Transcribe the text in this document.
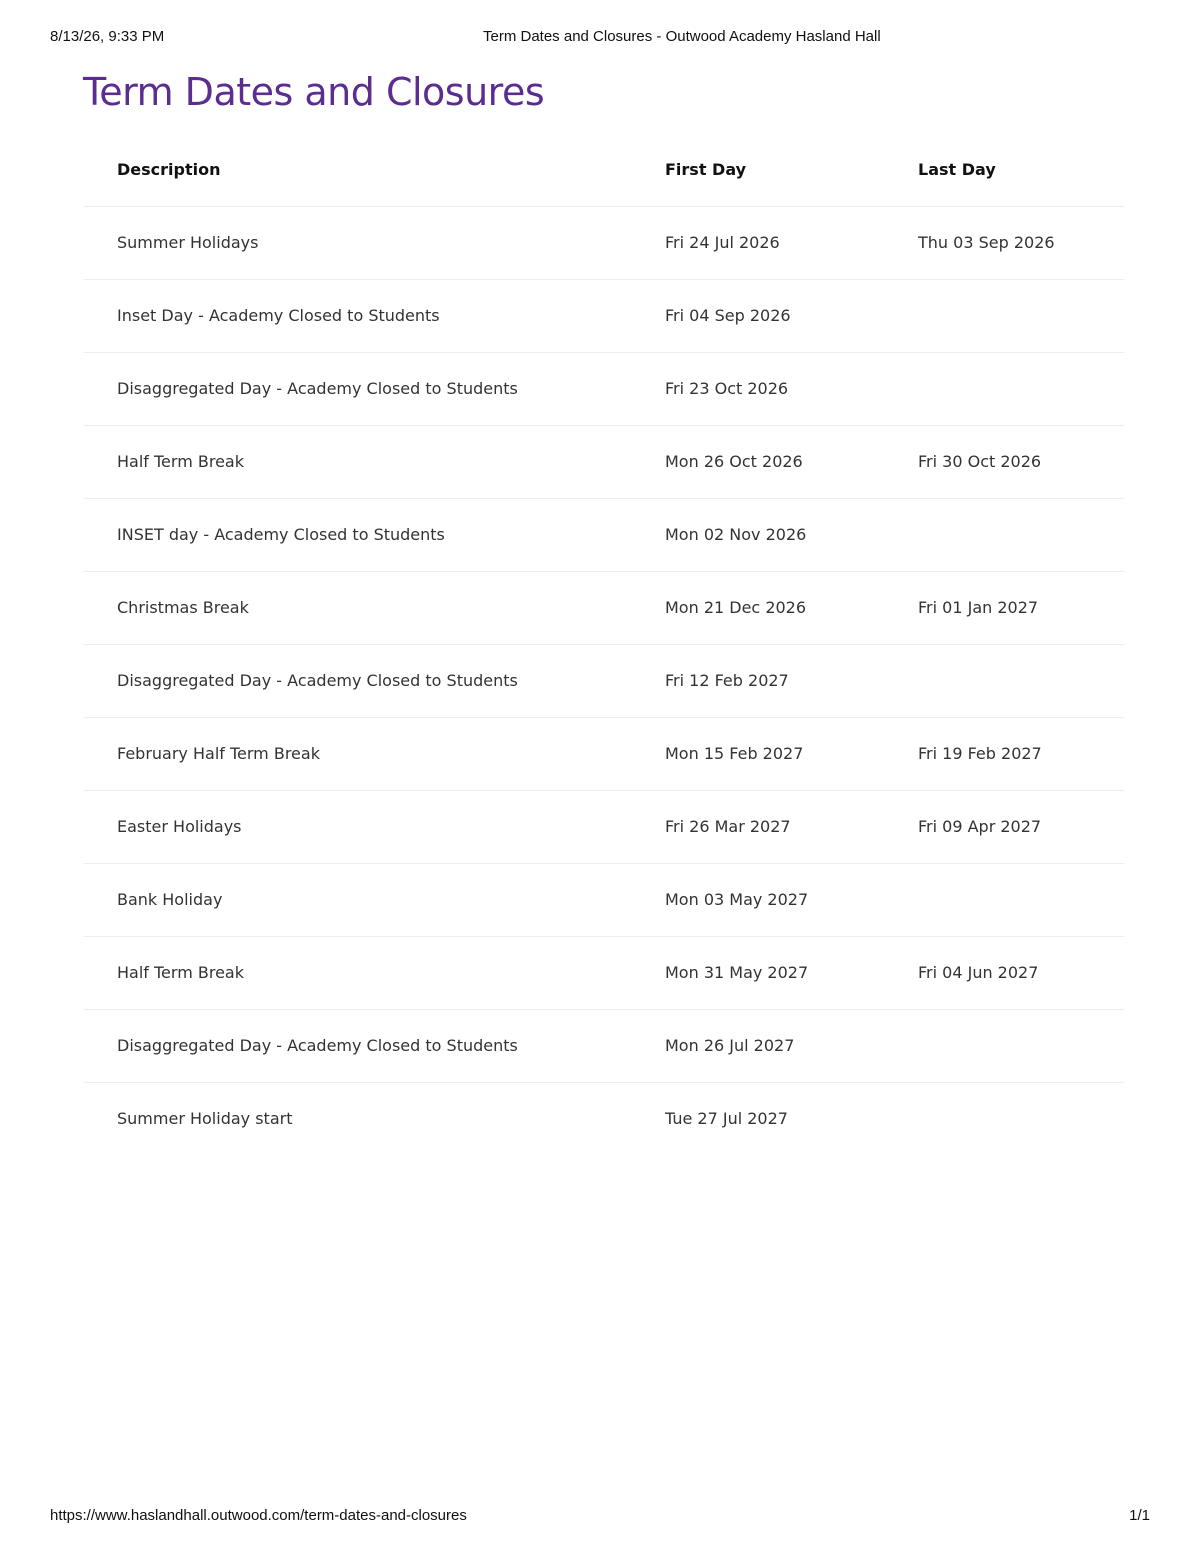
8/13/26, 9:33 PM	Term Dates and Closures - Outwood Academy Hasland Hall
Term Dates and Closures
Description	First Day	Last Day
Summer Holidays	Fri 24 Jul 2026	Thu 03 Sep 2026
Inset Day - Academy Closed to Students	Fri 04 Sep 2026
Disaggregated Day - Academy Closed to Students	Fri 23 Oct 2026
Half Term Break	Mon 26 Oct 2026	Fri 30 Oct 2026
INSET day - Academy Closed to Students	Mon 02 Nov 2026
Christmas Break	Mon 21 Dec 2026	Fri 01 Jan 2027
Disaggregated Day - Academy Closed to Students	Fri 12 Feb 2027
February Half Term Break	Mon 15 Feb 2027	Fri 19 Feb 2027
Easter Holidays	Fri 26 Mar 2027	Fri 09 Apr 2027
Bank Holiday	Mon 03 May 2027
Half Term Break	Mon 31 May 2027	Fri 04 Jun 2027
Disaggregated Day - Academy Closed to Students	Mon 26 Jul 2027
Summer Holiday start	Tue 27 Jul 2027
https://www.haslandhall.outwood.com/term-dates-and-closures	1/1
